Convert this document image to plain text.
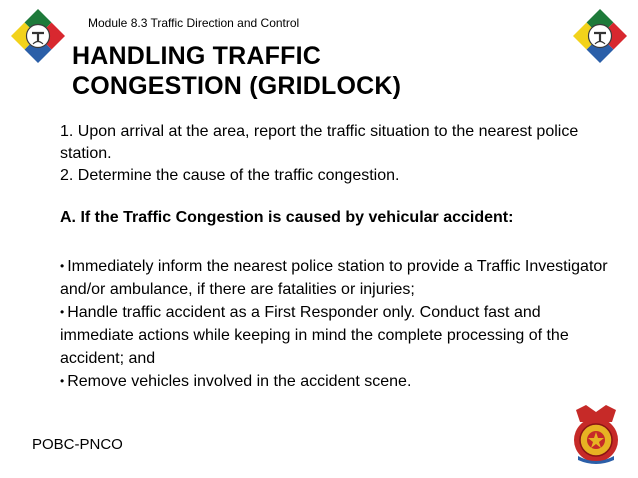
Module 8.3 Traffic Direction and Control
HANDLING TRAFFIC
CONGESTION (GRIDLOCK)

1. Upon arrival at the area, report the traffic situation to the nearest police station.

2. Determine the cause of the traffic congestion.

A. If the Traffic Congestion is caused by vehicular accident:

• Immediately inform the nearest police station to provide a Traffic Investigator and/or ambulance, if there are fatalities or injuries;
• Handle traffic accident as a First Responder only. Conduct fast and immediate actions while keeping in mind the complete processing of the accident; and
• Remove vehicles involved in the accident scene.
POBC-PNCO
